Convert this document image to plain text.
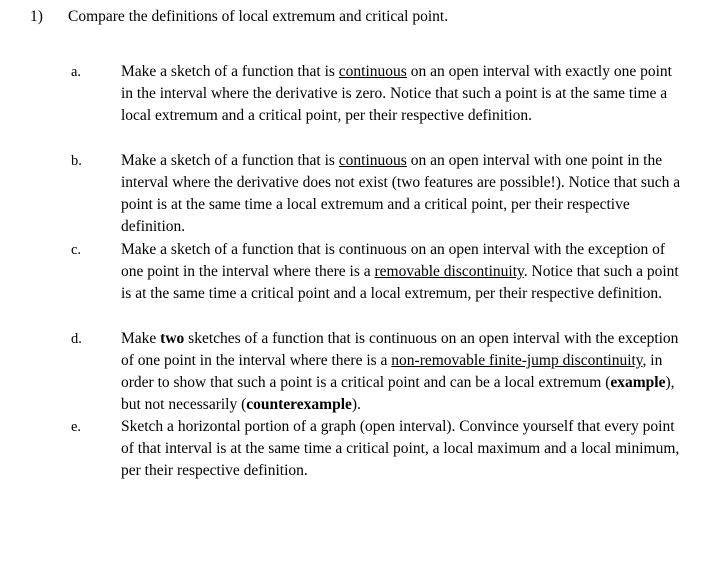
1) Compare the definitions of local extremum and critical point.
a.	Make a sketch of a function that is continuous on an open interval with exactly one point in the interval where the derivative is zero. Notice that such a point is at the same time a local extremum and a critical point, per their respective definition.
b.	Make a sketch of a function that is continuous on an open interval with one point in the interval where the derivative does not exist (two features are possible!). Notice that such a point is at the same time a local extremum and a critical point, per their respective definition.
c.	Make a sketch of a function that is continuous on an open interval with the exception of one point in the interval where there is a removable discontinuity. Notice that such a point is at the same time a critical point and a local extremum, per their respective definition.
d.	Make two sketches of a function that is continuous on an open interval with the exception of one point in the interval where there is a non-removable finite-jump discontinuity, in order to show that such a point is a critical point and can be a local extremum (example), but not necessarily (counterexample).
e.	Sketch a horizontal portion of a graph (open interval). Convince yourself that every point of that interval is at the same time a critical point, a local maximum and a local minimum, per their respective definition.
